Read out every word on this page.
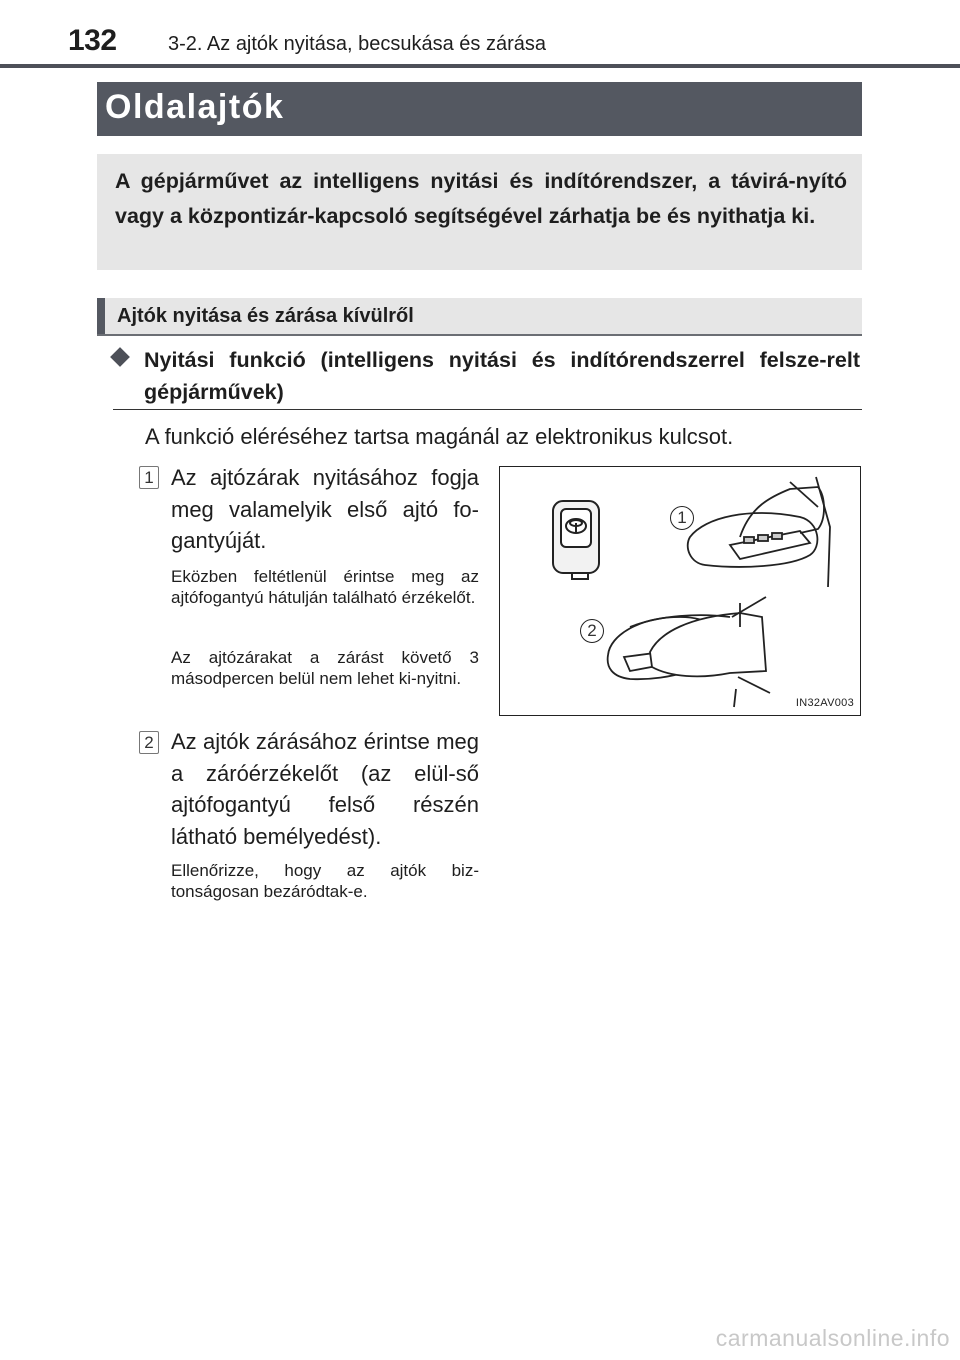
132	3-2. Az ajtók nyitása, becsukása és zárása
Oldalajtók
A gépjárművet az intelligens nyitási és indítórendszer, a távirá-nyító vagy a központizár-kapcsoló segítségével zárhatja be és nyithatja ki.
Ajtók nyitása és zárása kívülről
Nyitási funkció (intelligens nyitási és indítórendszerrel felsze-relt gépjárművek)
A funkció eléréséhez tartsa magánál az elektronikus kulcsot.
1 Az ajtózárak nyitásához fogja meg valamelyik első ajtó fo-gantyúját.
Eközben feltétlenül érintse meg az ajtófogantyú hátulján található érzékelőt.
Az ajtózárakat a zárást követő 3 másodpercen belül nem lehet ki-nyitni.
2 Az ajtók zárásához érintse meg a záróérzékelőt (az elül-ső ajtófogantyú felső részén látható bemélyedést).
Ellenőrizze, hogy az ajtók biz-tonságosan bezáródtak-e.
1
2
IN32AV003
carmanualsonline.info
